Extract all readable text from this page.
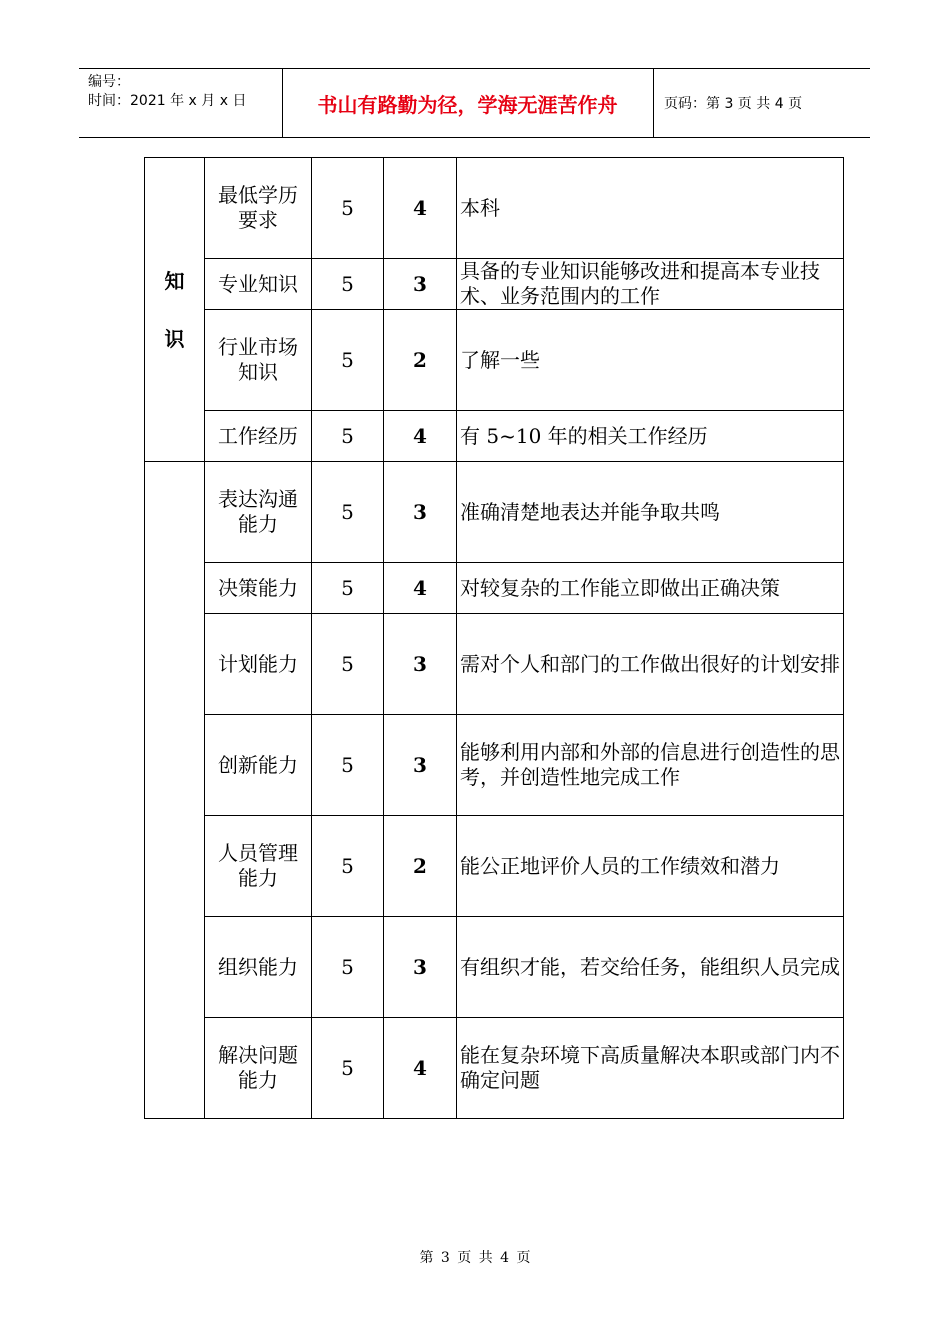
编号：
时间：2021 年 x 月 x 日	书山有路勤为径，学海无涯苦作舟	页码：第 3 页 共 4 页
知
识	最低学历要求	5	4	本科
	专业知识	5	3	具备的专业知识能够改进和提高本专业技术、业务范围内的工作
	行业市场知识	5	2	了解一些
	工作经历	5	4	有 5~10 年的相关工作经历
	表达沟通能力	5	3	准确清楚地表达并能争取共鸣
	决策能力	5	4	对较复杂的工作能立即做出正确决策
	计划能力	5	3	需对个人和部门的工作做出很好的计划安排
	创新能力	5	3	能够利用内部和外部的信息进行创造性的思考，并创造性地完成工作
	人员管理能力	5	2	能公正地评价人员的工作绩效和潜力
	组织能力	5	3	有组织才能，若交给任务，能组织人员完成
	解决问题能力	5	4	能在复杂环境下高质量解决本职或部门内不确定问题
第 3 页 共 4 页
